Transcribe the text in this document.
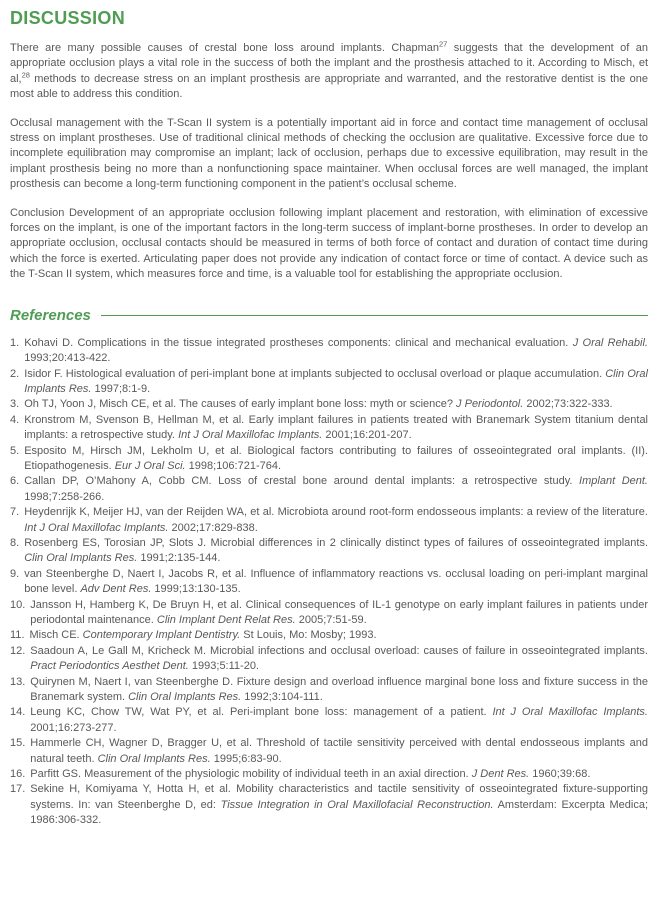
DISCUSSION

There are many possible causes of crestal bone loss around implants. Chapman$^{27}$ suggests that the development of an appropriate occlusion plays a vital role in the success of both the implant and the prosthesis attached to it. According to Misch, et al,$^{28}$ methods to decrease stress on an implant prosthesis are appropriate and warranted, and the restorative dentist is the one most able to address this condition.

Occlusal management with the T-Scan II system is a potentially important aid in force and contact time management of occlusal stress on implant prostheses. Use of traditional clinical methods of checking the occlusion are qualitative. Excessive force due to incomplete equilibration may compromise an implant; lack of occlusion, perhaps due to excessive equilibration, may result in the implant prosthesis being no more than a nonfunctioning space maintainer. When occlusal forces are well managed, the implant prosthesis can become a long-term functioning component in the patient’s occlusal scheme.

Conclusion Development of an appropriate occlusion following implant placement and restoration, with elimination of excessive forces on the implant, is one of the important factors in the long-term success of implant-borne prostheses. In order to develop an appropriate occlusion, occlusal contacts should be measured in terms of both force of contact and duration of contact time during which the force is exerted. Articulating paper does not provide any indication of contact force or time of contact. A device such as the T-Scan II system, which measures force and time, is a valuable tool for establishing the appropriate occlusion.

References
1. Kohavi D. Complications in the tissue integrated prostheses components: clinical and mechanical evaluation. J Oral Rehabil. 1993;20:413-422.
2. Isidor F. Histological evaluation of peri-implant bone at implants subjected to occlusal overload or plaque accumulation. Clin Oral Implants Res. 1997;8:1-9.
3. Oh TJ, Yoon J, Misch CE, et al. The causes of early implant bone loss: myth or science? J Periodontol. 2002;73:322-333.
4. Kronstrom M, Svenson B, Hellman M, et al. Early implant failures in patients treated with Branemark System titanium dental implants: a retrospective study. Int J Oral Maxillofac Implants. 2001;16:201-207.
5. Esposito M, Hirsch JM, Lekholm U, et al. Biological factors contributing to failures of osseointegrated oral implants. (II). Etiopathogenesis. Eur J Oral Sci. 1998;106:721-764.
6. Callan DP, O’Mahony A, Cobb CM. Loss of crestal bone around dental implants: a retrospective study. Implant Dent. 1998;7:258-266.
7. Heydenrijk K, Meijer HJ, van der Reijden WA, et al. Microbiota around root-form endosseous implants: a review of the literature. Int J Oral Maxillofac Implants. 2002;17:829-838.
8. Rosenberg ES, Torosian JP, Slots J. Microbial differences in 2 clinically distinct types of failures of osseointegrated implants. Clin Oral Implants Res. 1991;2:135-144.
9. van Steenberghe D, Naert I, Jacobs R, et al. Influence of inflammatory reactions vs. occlusal loading on peri-implant marginal bone level. Adv Dent Res. 1999;13:130-135.
10. Jansson H, Hamberg K, De Bruyn H, et al. Clinical consequences of IL-1 genotype on early implant failures in patients under periodontal maintenance. Clin Implant Dent Relat Res. 2005;7:51-59.
11. Misch CE. Contemporary Implant Dentistry. St Louis, Mo: Mosby; 1993.
12. Saadoun A, Le Gall M, Kricheck M. Microbial infections and occlusal overload: causes of failure in osseointegrated implants. Pract Periodontics Aesthet Dent. 1993;5:11-20.
13. Quirynen M, Naert I, van Steenberghe D. Fixture design and overload influence marginal bone loss and fixture success in the Branemark system. Clin Oral Implants Res. 1992;3:104-111.
14. Leung KC, Chow TW, Wat PY, et al. Peri-implant bone loss: management of a patient. Int J Oral Maxillofac Implants. 2001;16:273-277.
15. Hammerle CH, Wagner D, Bragger U, et al. Threshold of tactile sensitivity perceived with dental endosseous implants and natural teeth. Clin Oral Implants Res. 1995;6:83-90.
16. Parfitt GS. Measurement of the physiologic mobility of individual teeth in an axial direction. J Dent Res. 1960;39:68.
17. Sekine H, Komiyama Y, Hotta H, et al. Mobility characteristics and tactile sensitivity of osseointegrated fixture-supporting systems. In: van Steenberghe D, ed: Tissue Integration in Oral Maxillofacial Reconstruction. Amsterdam: Excerpta Medica; 1986:306-332.
